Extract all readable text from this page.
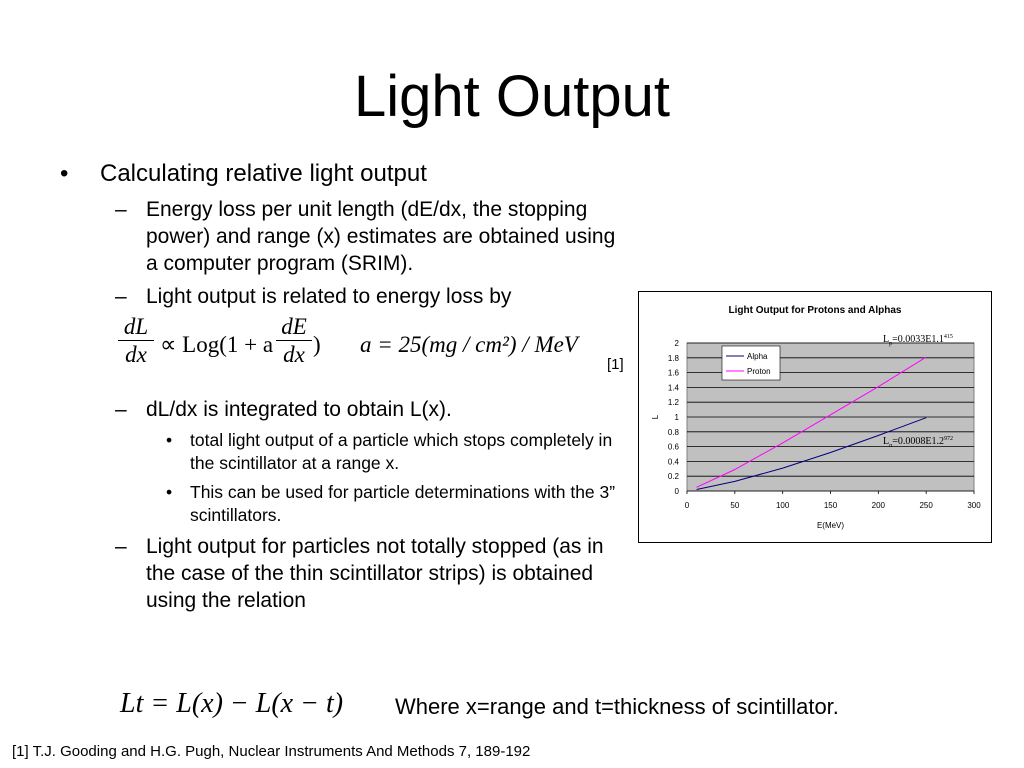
Light Output
• Calculating relative light output
– Energy loss per unit length (dE/dx, the stopping power) and range (x) estimates are obtained using a computer program (SRIM).
– Light output is related to energy loss by
dL
dx ∝ Log(1 + a
dE
dx ) a = 25(mg / cm²) / MeV
– dL/dx is integrated to obtain L(x).
• total light output of a particle which stops completely in the scintillator at a range x.
• This can be used for particle determinations with the 3” scintillators.
– Light output for particles not totally stopped (as in the case of the thin scintillator strips) is obtained using the relation
[1]
Light Output for Protons and Alphas
0
0.2
0.4
0.6
0.8
1
1.2
1.4
1.6
1.8
2
0	50	100	150	200	250	300
E(MeV)
L
Alpha
Proton
$L_p=0.0033E1.1^{415}$
$L_\alpha=0.0008E1.2^{972}$
Lt = L(x) − L(x − t) Where x=range and t=thickness of scintillator.
[1] T.J. Gooding and H.G. Pugh, Nuclear Instruments And Methods 7, 189-192
